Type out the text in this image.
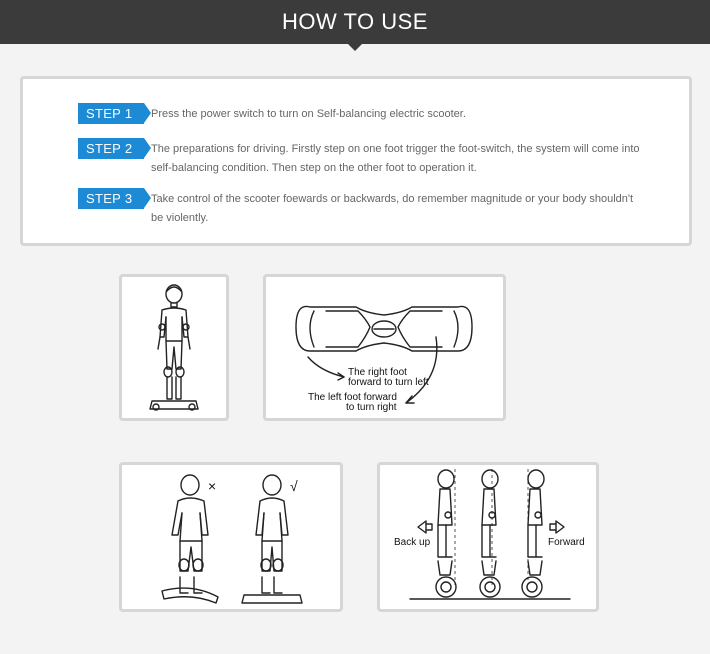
HOW TO USE
STEP 1	Press the power switch to turn on Self-balancing electric scooter.
STEP 2	The preparations for driving. Firstly step on one foot trigger the foot-switch, the system will come into self-balancing condition. Then step on the other foot to operation it.
STEP 3	Take control of the scooter foewards or backwards, do remember magnitude or your body shouldn't be violently.
The right foot
forward to turn left
The left foot forward
to turn right
×	√
Back up	Forward
